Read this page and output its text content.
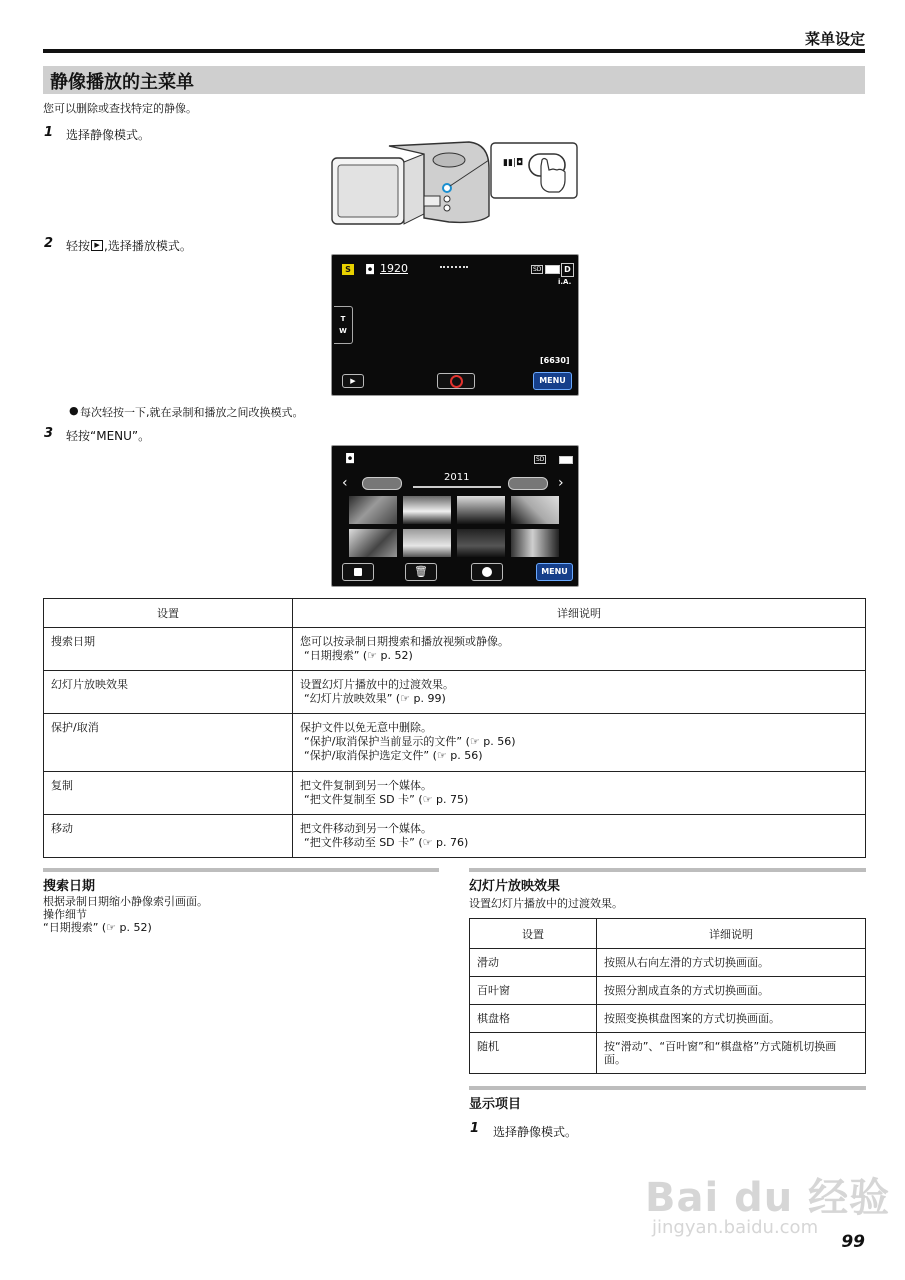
菜单设定
静像播放的主菜单
您可以删除或查找特定的静像。
1 选择静像模式。
▮▮|◘
2 轻按 ▶ ,选择播放模式。
S ◘ 1920	SD	D
i.A.
T
W
[6630]
▶	MENU
● 每次轻按一下,就在录制和播放之间改换模式。
3 轻按“MENU”。
◘	SD
‹	2011	›
🗑	MENU
设置	详细说明
搜索日期	您可以按录制日期搜索和播放视频或静像。
“日期搜索” (☞ p. 52)

幻灯片放映效果	设置幻灯片播放中的过渡效果。
“幻灯片放映效果” (☞ p. 99)

保护/取消	保护文件以免无意中删除。
“保护/取消保护当前显示的文件” (☞ p. 56)
“保护/取消保护选定文件” (☞ p. 56)

复制	把文件复制到另一个媒体。
“把文件复制至 SD 卡” (☞ p. 75)

移动	把文件移动到另一个媒体。
“把文件移动至 SD 卡” (☞ p. 76)
搜索日期
根据录制日期缩小静像索引画面。
操作细节
“日期搜索” (☞ p. 52)
幻灯片放映效果
设置幻灯片播放中的过渡效果。
设置	详细说明
滑动	按照从右向左滑的方式切换画面。
百叶窗	按照分割成直条的方式切换画面。
棋盘格	按照变换棋盘图案的方式切换画面。
随机	按“滑动”、“百叶窗”和“棋盘格”方式随机切换画面。
显示项目
1 选择静像模式。
Bai du 经验
jingyan.baidu.com
99
